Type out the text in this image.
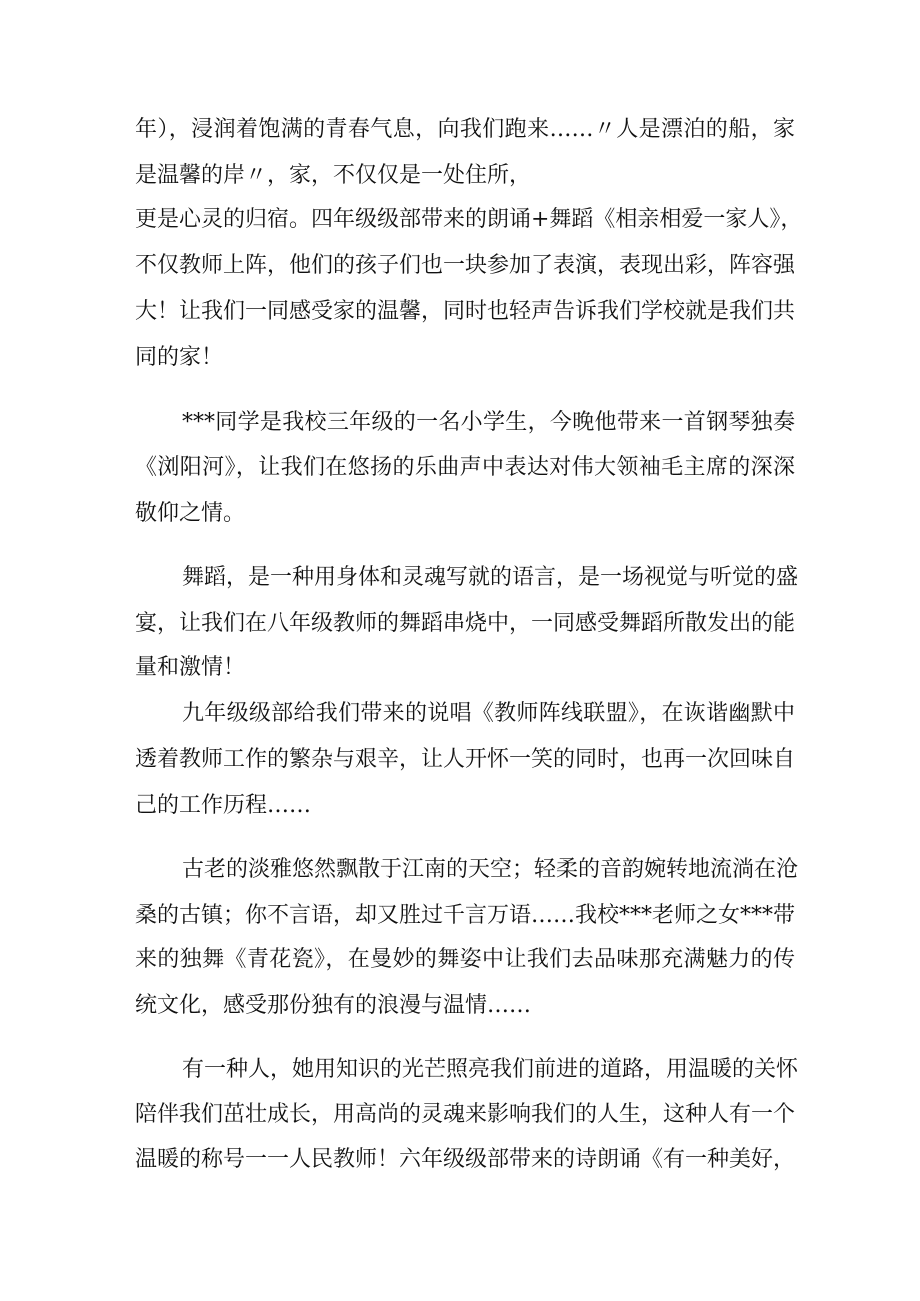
年），浸润着饱满的青春气息，向我们跑来……〃人是漂泊的船，家
是温馨的岸〃，家，不仅仅是一处住所，
更是心灵的归宿。四年级级部带来的朗诵+舞蹈《相亲相爱一家人》，
不仅教师上阵，他们的孩子们也一块参加了表演，表现出彩，阵容强
大！让我们一同感受家的温馨，同时也轻声告诉我们学校就是我们共
同的家！
***同学是我校三年级的一名小学生，今晚他带来一首钢琴独奏
《浏阳河》，让我们在悠扬的乐曲声中表达对伟大领袖毛主席的深深
敬仰之情。
舞蹈，是一种用身体和灵魂写就的语言，是一场视觉与听觉的盛
宴，让我们在八年级教师的舞蹈串烧中，一同感受舞蹈所散发出的能
量和激情！
九年级级部给我们带来的说唱《教师阵线联盟》，在诙谐幽默中
透着教师工作的繁杂与艰辛，让人开怀一笑的同时，也再一次回味自
己的工作历程……
古老的淡雅悠然飘散于江南的天空；轻柔的音韵婉转地流淌在沧
桑的古镇；你不言语，却又胜过千言万语……我校***老师之女***带
来的独舞《青花瓷》，在曼妙的舞姿中让我们去品味那充满魅力的传
统文化，感受那份独有的浪漫与温情……
有一种人，她用知识的光芒照亮我们前进的道路，用温暖的关怀
陪伴我们茁壮成长，用高尚的灵魂来影响我们的人生，这种人有一个
温暖的称号一一人民教师！六年级级部带来的诗朗诵《有一种美好，
